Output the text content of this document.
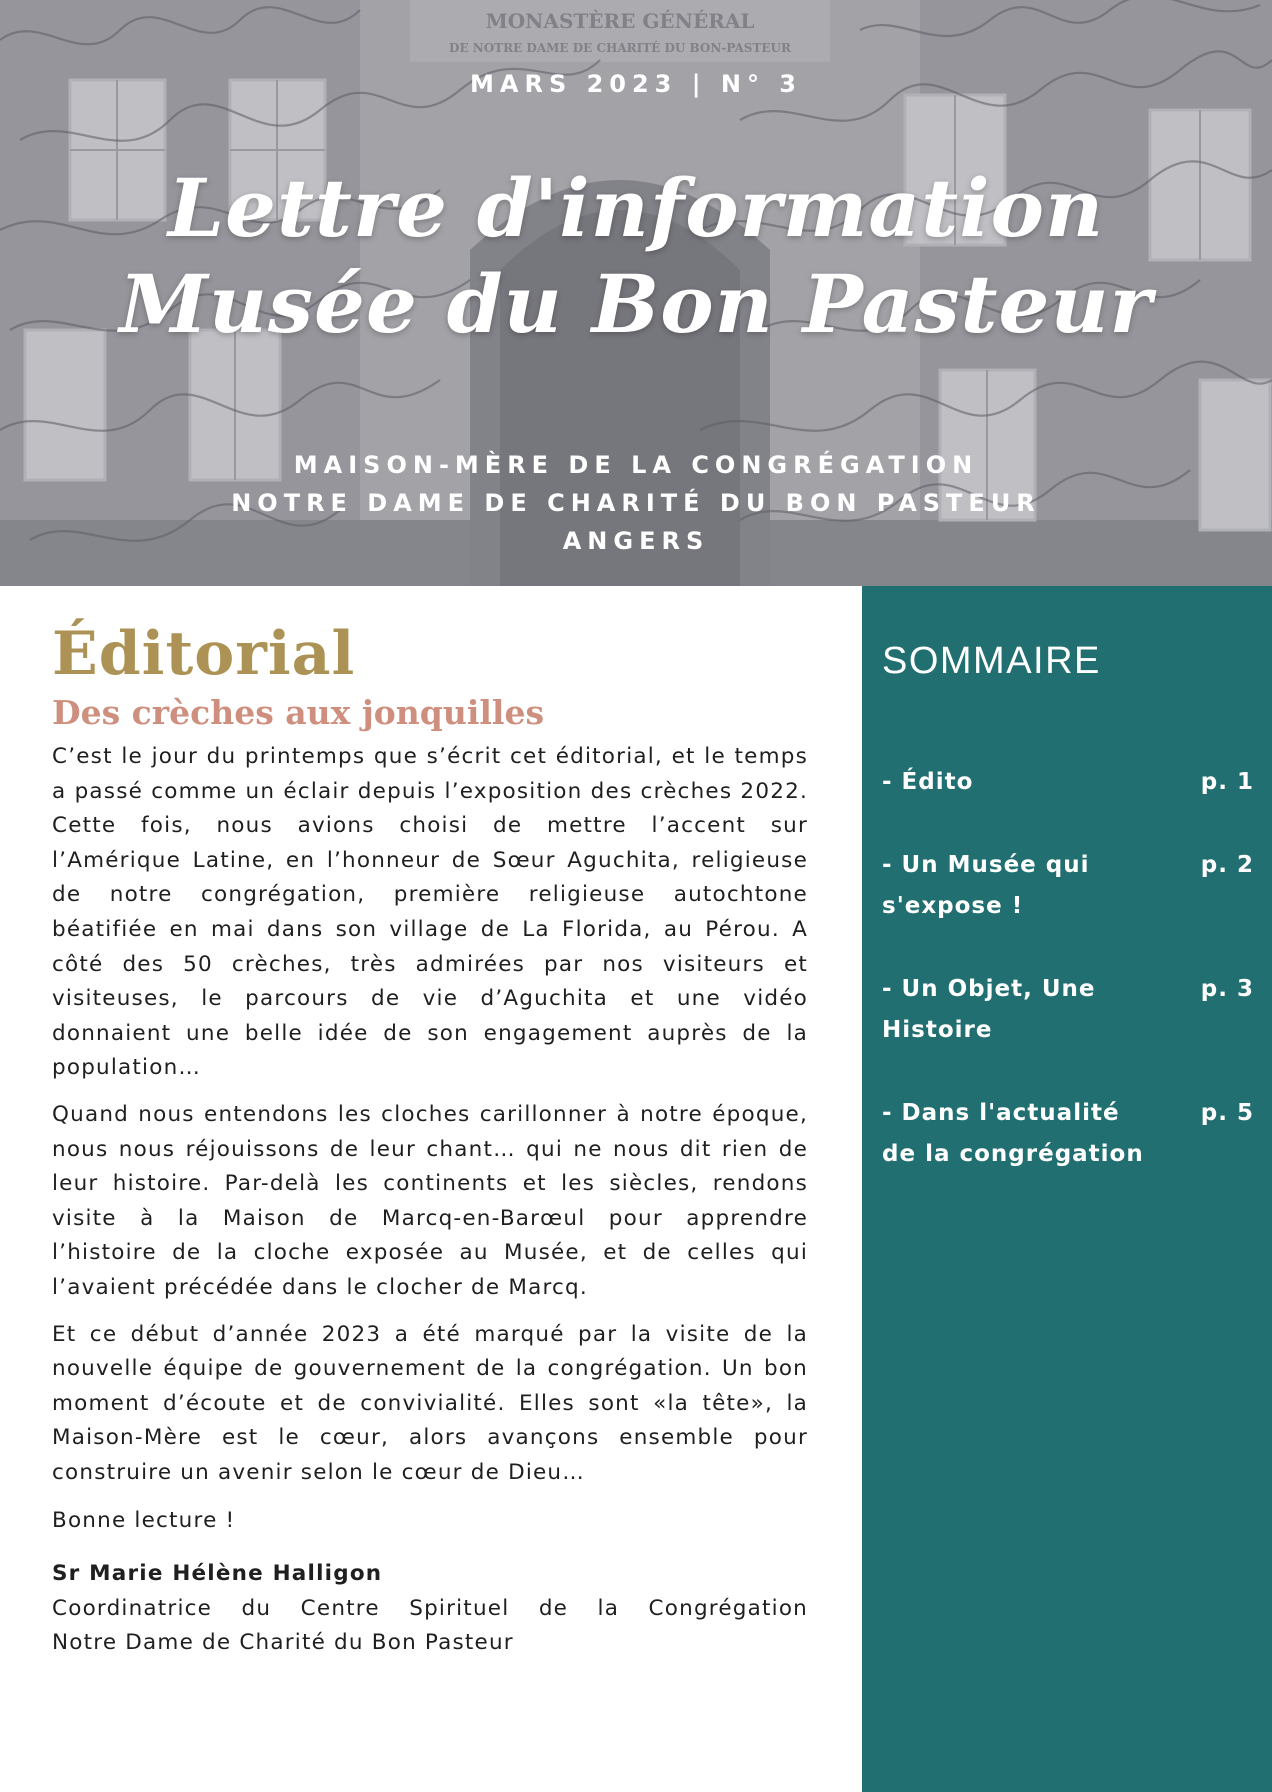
MONASTÈRE GÉNÉRAL
DE NOTRE DAME DE CHARITÉ DU BON-PASTEUR
MARS 2023 | N° 3
Lettre d'information
Musée du Bon Pasteur
MAISON-MÈRE DE LA CONGRÉGATION
NOTRE DAME DE CHARITÉ DU BON PASTEUR
ANGERS
Éditorial
Des crèches aux jonquilles

C’est le jour du printemps que s’écrit cet éditorial, et le temps a passé comme un éclair depuis l’exposition des crèches 2022. Cette fois, nous avions choisi de mettre l’accent sur l’Amérique Latine, en l’honneur de Sœur Aguchita, religieuse de notre congrégation, première religieuse autochtone béatifiée en mai dans son village de La Florida, au Pérou. A côté des 50 crèches, très admirées par nos visiteurs et visiteuses, le parcours de vie d’Aguchita et une vidéo donnaient une belle idée de son engagement auprès de la population…

Quand nous entendons les cloches carillonner à notre époque, nous nous réjouissons de leur chant… qui ne nous dit rien de leur histoire. Par-delà les continents et les siècles, rendons visite à la Maison de Marcq-en-Barœul pour apprendre l’histoire de la cloche exposée au Musée, et de celles qui l’avaient précédée dans le clocher de Marcq.

Et ce début d’année 2023 a été marqué par la visite de la nouvelle équipe de gouvernement de la congrégation. Un bon moment d’écoute et de convivialité. Elles sont «la tête», la Maison-Mère est le cœur, alors avançons ensemble pour construire un avenir selon le cœur de Dieu…

Bonne lecture !

Sr Marie Hélène Halligon
Coordinatrice du Centre Spirituel de la Congrégation
Notre Dame de Charité du Bon Pasteur
SOMMAIRE
- Édito	p. 1
- Un Musée qui s'expose !
p. 2
- Un Objet, Une Histoire
p. 3
- Dans l'actualité  de la congrégation
p. 5
